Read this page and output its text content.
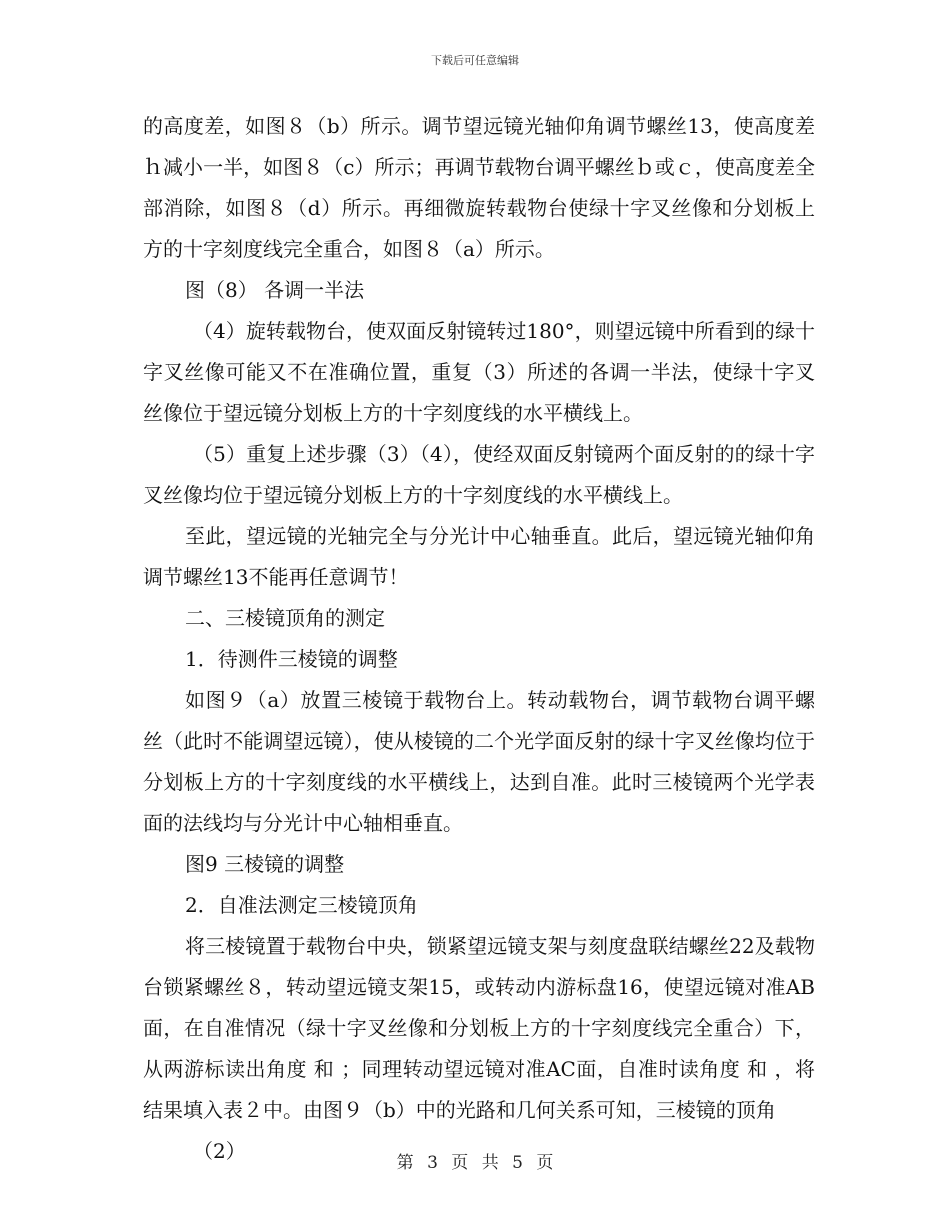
下载后可任意编辑

的高度差，如图８（b）所示。调节望远镜光轴仰角调节螺丝13，使高度差ｈ减小一半，如图８（c）所示；再调节载物台调平螺丝ｂ或ｃ，使高度差全部消除，如图８（d）所示。再细微旋转载物台使绿十字叉丝像和分划板上方的十字刻度线完全重合，如图８（a）所示。

图（8） 各调一半法

（4）旋转载物台，使双面反射镜转过180°，则望远镜中所看到的绿十字叉丝像可能又不在准确位置，重复（3）所述的各调一半法，使绿十字叉丝像位于望远镜分划板上方的十字刻度线的水平横线上。

（5）重复上述步骤（3）（4），使经双面反射镜两个面反射的的绿十字叉丝像均位于望远镜分划板上方的十字刻度线的水平横线上。

至此，望远镜的光轴完全与分光计中心轴垂直。此后，望远镜光轴仰角调节螺丝13不能再任意调节！

二、三棱镜顶角的测定

1．待测件三棱镜的调整

如图９（a）放置三棱镜于载物台上。转动载物台，调节载物台调平螺丝（此时不能调望远镜），使从棱镜的二个光学面反射的绿十字叉丝像均位于分划板上方的十字刻度线的水平横线上，达到自准。此时三棱镜两个光学表面的法线均与分光计中心轴相垂直。

图9 三棱镜的调整

2．自准法测定三棱镜顶角

将三棱镜置于载物台中央，锁紧望远镜支架与刻度盘联结螺丝22及载物台锁紧螺丝８，转动望远镜支架15，或转动内游标盘16，使望远镜对准AB面，在自准情况（绿十字叉丝像和分划板上方的十字刻度线完全重合）下，从两游标读出角度 和 ；同理转动望远镜对准AC面，自准时读角度 和 ，将结果填入表２中。由图９（b）中的光路和几何关系可知，三棱镜的顶角

（2）	第 3 页 共 5 页
